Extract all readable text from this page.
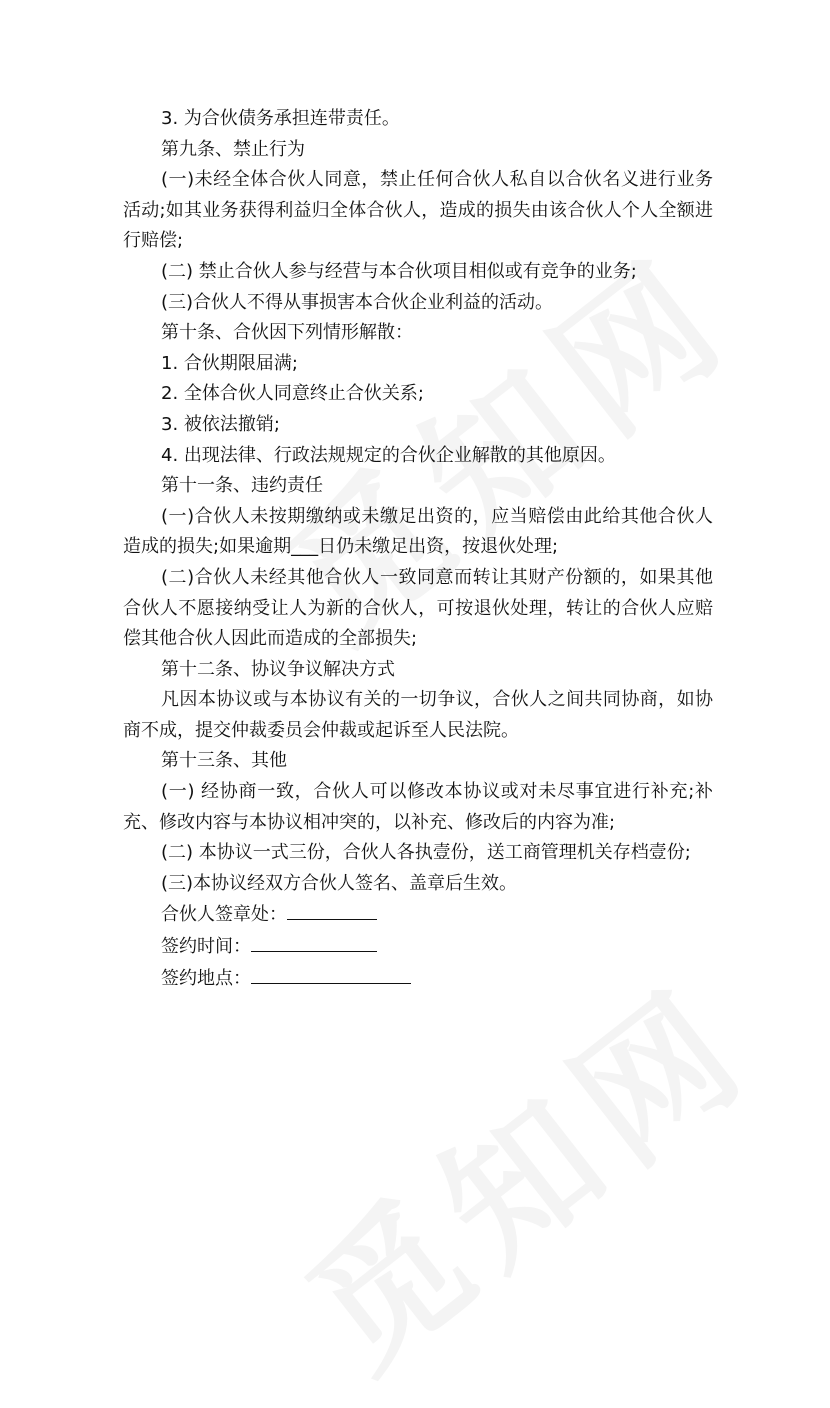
3. 为合伙债务承担连带责任。

第九条、禁止行为

(一)未经全体合伙人同意，禁止任何合伙人私自以合伙名义进行业务活动;如其业务获得利益归全体合伙人，造成的损失由该合伙人个人全额进行赔偿;

(二) 禁止合伙人参与经营与本合伙项目相似或有竞争的业务;

(三)合伙人不得从事损害本合伙企业利益的活动。

第十条、合伙因下列情形解散：

1. 合伙期限届满;

2. 全体合伙人同意终止合伙关系;

3. 被依法撤销;

4. 出现法律、行政法规规定的合伙企业解散的其他原因。

第十一条、违约责任

(一)合伙人未按期缴纳或未缴足出资的，应当赔偿由此给其他合伙人造成的损失;如果逾期___日仍未缴足出资，按退伙处理;

(二)合伙人未经其他合伙人一致同意而转让其财产份额的，如果其他合伙人不愿接纳受让人为新的合伙人，可按退伙处理，转让的合伙人应赔偿其他合伙人因此而造成的全部损失;

第十二条、协议争议解决方式

凡因本协议或与本协议有关的一切争议，合伙人之间共同协商，如协商不成，提交仲裁委员会仲裁或起诉至人民法院。

第十三条、其他

(一) 经协商一致，合伙人可以修改本协议或对未尽事宜进行补充;补充、修改内容与本协议相冲突的，以补充、修改后的内容为准;

(二) 本协议一式三份，合伙人各执壹份，送工商管理机关存档壹份;

(三)本协议经双方合伙人签名、盖章后生效。

合伙人签章处：

签约时间：

签约地点：
